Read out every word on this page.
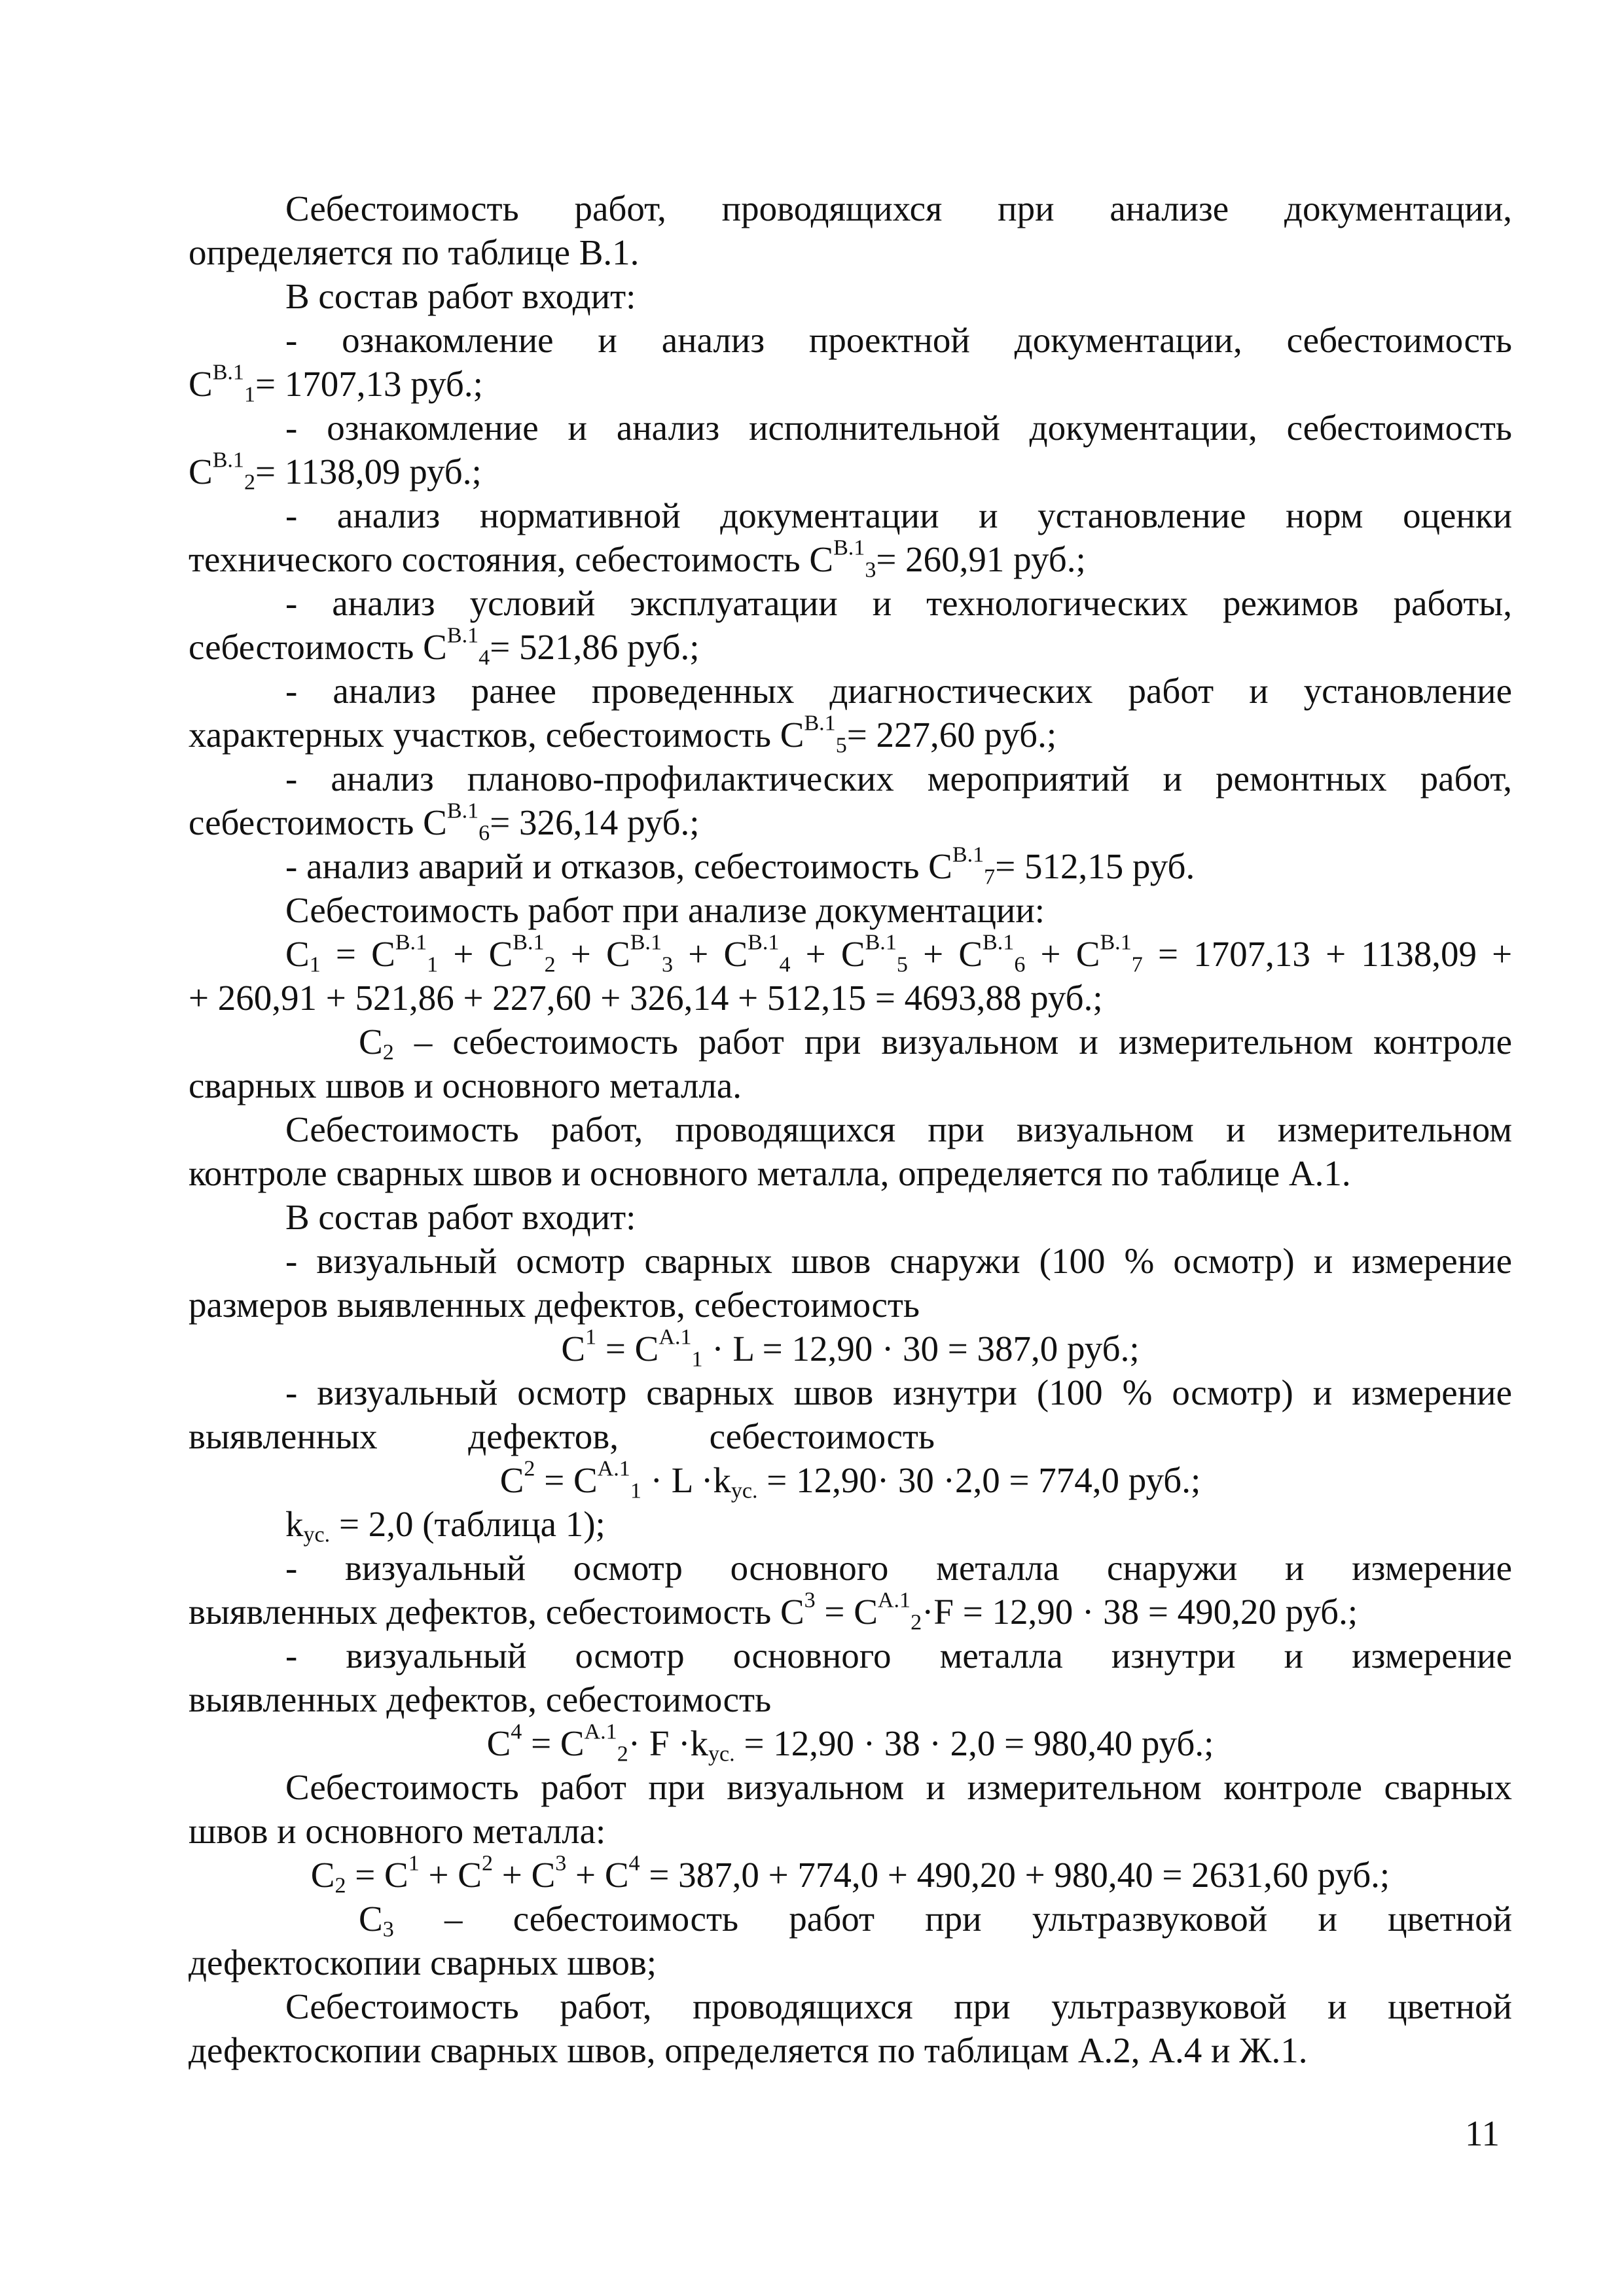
Себестоимость работ, проводящихся при анализе документации,

определяется по таблице В.1.

В состав работ входит:

- ознакомление и анализ проектной документации, себестоимость

$C^{В.1}_1= 1707,13$ руб.;

- ознакомление и анализ исполнительной документации, себестоимость

$C^{В.1}_2= 1138,09$ руб.;

- анализ нормативной документации и установление норм оценки

технического состояния, себестоимость $C^{В.1}_3= 260,91$ руб.;

- анализ условий эксплуатации и технологических режимов работы,

себестоимость $C^{В.1}_4= 521,86$ руб.;

- анализ ранее проведенных диагностических работ и установление

характерных участков, себестоимость $C^{В.1}_5= 227,60$ руб.;

- анализ планово-профилактических мероприятий и ремонтных работ,

себестоимость $C^{В.1}_6= 326,14$ руб.;

- анализ аварий и отказов, себестоимость $C^{В.1}_7= 512,15$ руб.

Себестоимость работ при анализе документации:

$C_1 = C^{В.1}_1 + C^{В.1}_2 + C^{В.1}_3 + C^{В.1}_4 + C^{В.1}_5 + C^{В.1}_6 + C^{В.1}_7 = 1707,13 + 1138,09$ +

+ 260,91 + 521,86 + 227,60 + 326,14 + 512,15 = 4693,88 руб.;

$C_2$ – себестоимость работ при визуальном и измерительном контроле

сварных швов и основного металла.

Себестоимость работ, проводящихся при визуальном и измерительном

контроле сварных швов и основного металла, определяется по таблице А.1.

В состав работ входит:

- визуальный осмотр сварных швов снаружи (100 % осмотр) и измерение

размеров выявленных дефектов, себестоимость

$C^1 = C^{А.1}_1 \cdot L = 12,90 \cdot 30 = 387,0$ руб.;

- визуальный осмотр сварных швов изнутри (100 % осмотр) и измерение

выявленных дефектов, себестоимость

$C^2 = C^{А.1}_1 \cdot L \cdot k_{ус.} = 12,90\cdot 30 \cdot 2,0 = 774,0$ руб.;

$k_{ус.} = 2,0$ (таблица 1);

- визуальный осмотр основного металла снаружи и измерение

выявленных дефектов, себестоимость $C^3 = C^{А.1}_2\cdot F = 12,90 \cdot 38 = 490,20$ руб.;

- визуальный осмотр основного металла изнутри и измерение

выявленных дефектов, себестоимость

$C^4 = C^{А.1}_2\cdot F \cdot k_{ус.} = 12,90 \cdot 38 \cdot 2,0 = 980,40$ руб.;

Себестоимость работ при визуальном и измерительном контроле сварных

швов и основного металла:

$C_2 = C^1 + C^2 + C^3 + C^4 = 387,0 + 774,0 + 490,20 + 980,40 = 2631,60$ руб.;

$C_3$ – себестоимость работ при ультразвуковой и цветной

дефектоскопии сварных швов;

Себестоимость работ, проводящихся при ультразвуковой и цветной

дефектоскопии сварных швов, определяется по таблицам А.2, А.4 и Ж.1.

11
